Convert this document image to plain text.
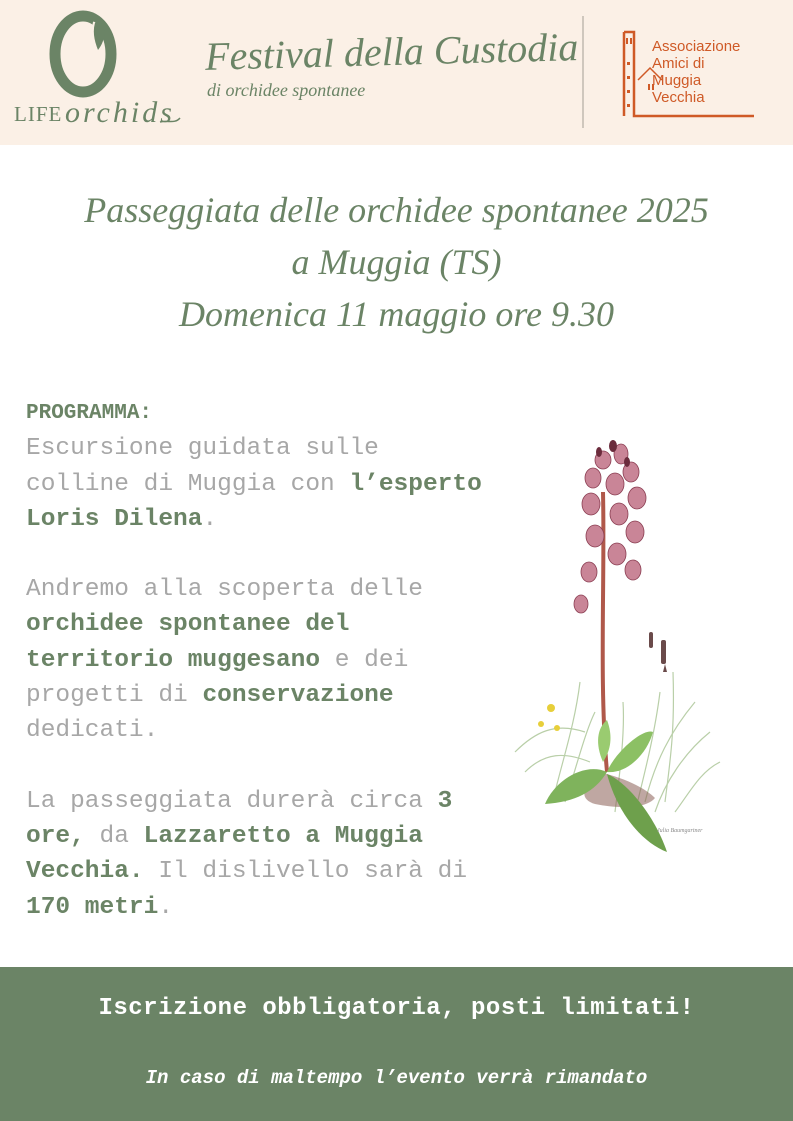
LIFE orchids
Festival della Custodia
di orchidee spontanee
Associazione
Amici di
Muggia
Vecchia
Passeggiata delle orchidee spontanee 2025
a Muggia (TS)
Domenica 11 maggio ore 9.30

PROGRAMMA:
Escursione guidata sulle colline di Muggia con l’esperto Loris Dilena.

Andremo alla scoperta delle orchidee spontanee del territorio muggesano e dei progetti di conservazione dedicati.

La passeggiata durerà circa 3 ore, da Lazzaretto a Muggia Vecchia. Il dislivello sarà di 170 metri.

Julia Baumgartner
Iscrizione obbligatoria, posti limitati!
In caso di maltempo l’evento verrà rimandato
